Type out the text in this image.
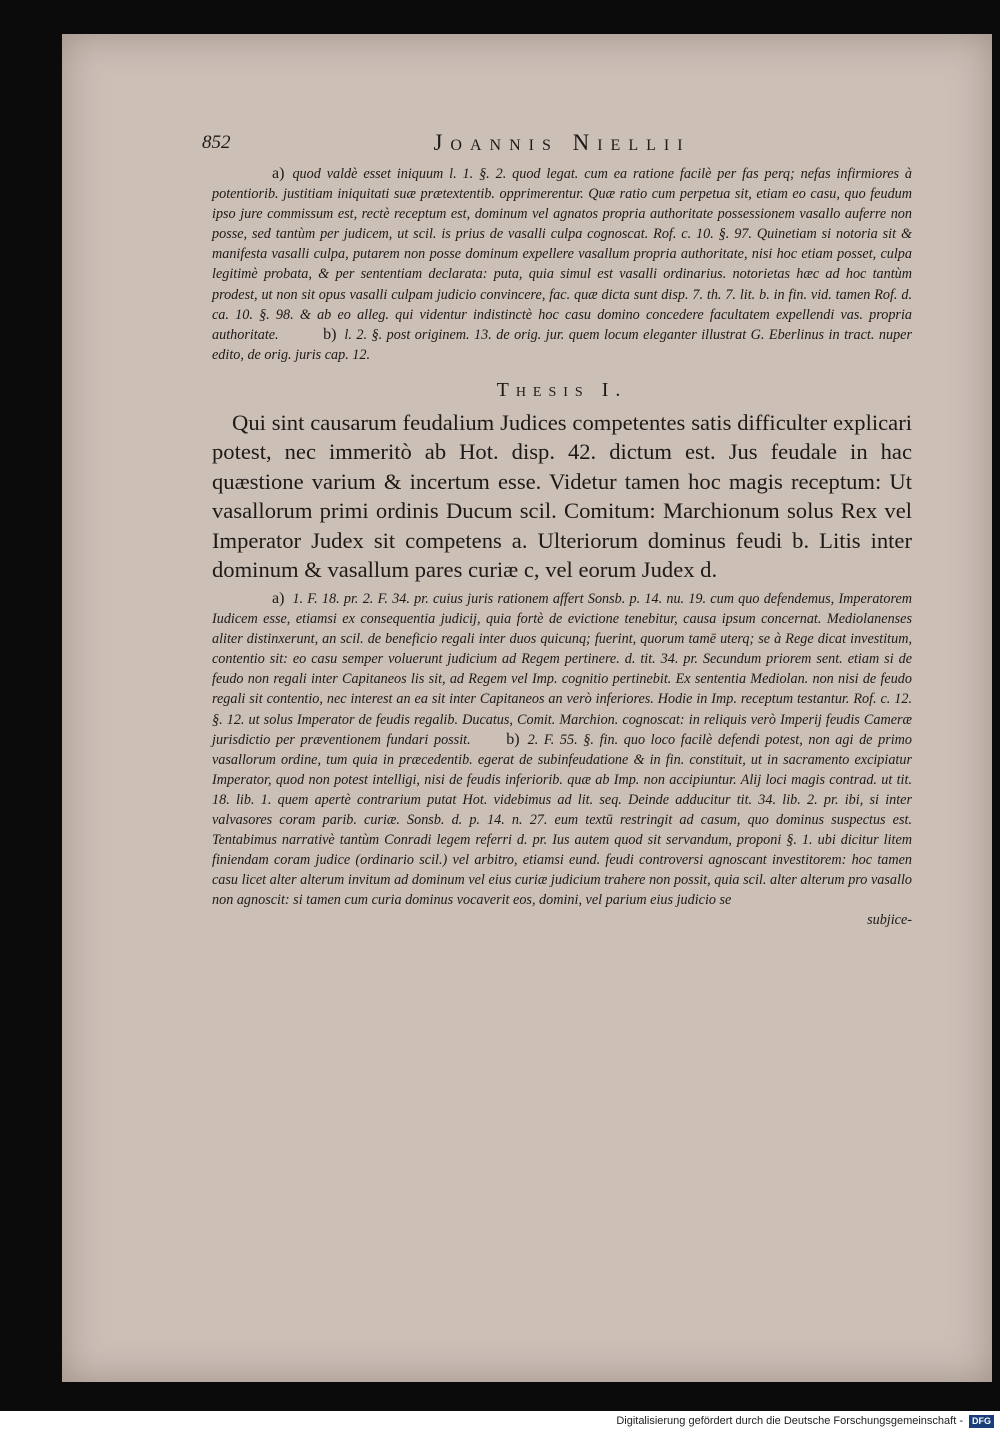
852	Joannis Niellii

a) quod valdè esset iniquum l. 1. §. 2. quod legat. cum ea ratione facilè per fas perq; nefas infirmiores à potentiorib. justitiam iniquitati suæ prætextentib. opprimerentur. Quæ ratio cum perpetua sit, etiam eo casu, quo feudum ipso jure commissum est, rectè receptum est, dominum vel agnatos propria authoritate possessionem vasallo auferre non posse, sed tantùm per judicem, ut scil. is prius de vasalli culpa cognoscat. Rof. c. 10. §. 97. Quinetiam si notoria sit & manifesta vasalli culpa, putarem non posse dominum expellere vasallum propria authoritate, nisi hoc etiam posset, culpa legitimè probata, & per sententiam declarata: puta, quia simul est vasalli ordinarius. notorietas hæc ad hoc tantùm prodest, ut non sit opus vasalli culpam judicio convincere, fac. quæ dicta sunt disp. 7. th. 7. lit. b. in fin. vid. tamen Rof. d. ca. 10. §. 98. & ab eo alleg. qui videntur indistinctè hoc casu domino concedere facultatem expellendi vas. propria authoritate.	b) l. 2. §. post originem. 13. de orig. jur. quem locum eleganter illustrat G. Eberlinus in tract. nuper edito, de orig. juris cap. 12.

Thesis I.

Qui sint causarum feudalium Judices competentes satis difficulter explicari potest, nec immeritò ab Hot. disp. 42. dictum est. Jus feudale in hac quæstione varium & incertum esse. Videtur tamen hoc magis receptum: Ut vasallorum primi ordinis Ducum scil. Comitum: Marchionum solus Rex vel Imperator Judex sit competens a. Ulteriorum dominus feudi b. Litis inter dominum & vasallum pares curiæ c, vel eorum Judex d.

a) 1. F. 18. pr. 2. F. 34. pr. cuius juris rationem affert Sonsb. p. 14. nu. 19. cum quo defendemus, Imperatorem Iudicem esse, etiamsi ex consequentia judicij, quia fortè de evictione tenebitur, causa ipsum concernat. Mediolanenses aliter distinxerunt, an scil. de beneficio regali inter duos quicunq; fuerint, quorum tamē uterq; se à Rege dicat investitum, contentio sit: eo casu semper voluerunt judicium ad Regem pertinere. d. tit. 34. pr. Secundum priorem sent. etiam si de feudo non regali inter Capitaneos lis sit, ad Regem vel Imp. cognitio pertinebit. Ex sententia Mediolan. non nisi de feudo regali sit contentio, nec interest an ea sit inter Capitaneos an verò inferiores. Hodie in Imp. receptum testantur. Rof. c. 12. §. 12. ut solus Imperator de feudis regalib. Ducatus, Comit. Marchion. cognoscat: in reliquis verò Imperij feudis Cameræ jurisdictio per præventionem fundari possit. b) 2. F. 55. §. fin. quo loco facilè defendi potest, non agi de primo vasallorum ordine, tum quia in præcedentib. egerat de subinfeudatione & in fin. constituit, ut in sacramento excipiatur Imperator, quod non potest intelligi, nisi de feudis inferiorib. quæ ab Imp. non accipiuntur. Alij loci magis contrad. ut tit. 18. lib. 1. quem apertè contrarium putat Hot. videbimus ad lit. seq. Deinde adducitur tit. 34. lib. 2. pr. ibi, si inter valvasores coram parib. curiæ. Sonsb. d. p. 14. n. 27. eum textū restringit ad casum, quo dominus suspectus est. Tentabimus narrativè tantùm Conradi legem referri d. pr. Ius autem quod sit servandum, proponi §. 1. ubi dicitur litem finiendam coram judice (ordinario scil.) vel arbitro, etiamsi eund. feudi controversi agnoscant investitorem: hoc tamen casu licet alter alterum invitum ad dominum vel eius curiæ judicium trahere non possit, quia scil. alter alterum pro vasallo non agnoscit: si tamen cum curia dominus vocaverit eos, domini, vel parium eius judicio se

subjice-
Digitalisierung gefördert durch die Deutsche Forschungsgemeinschaft - DFG
